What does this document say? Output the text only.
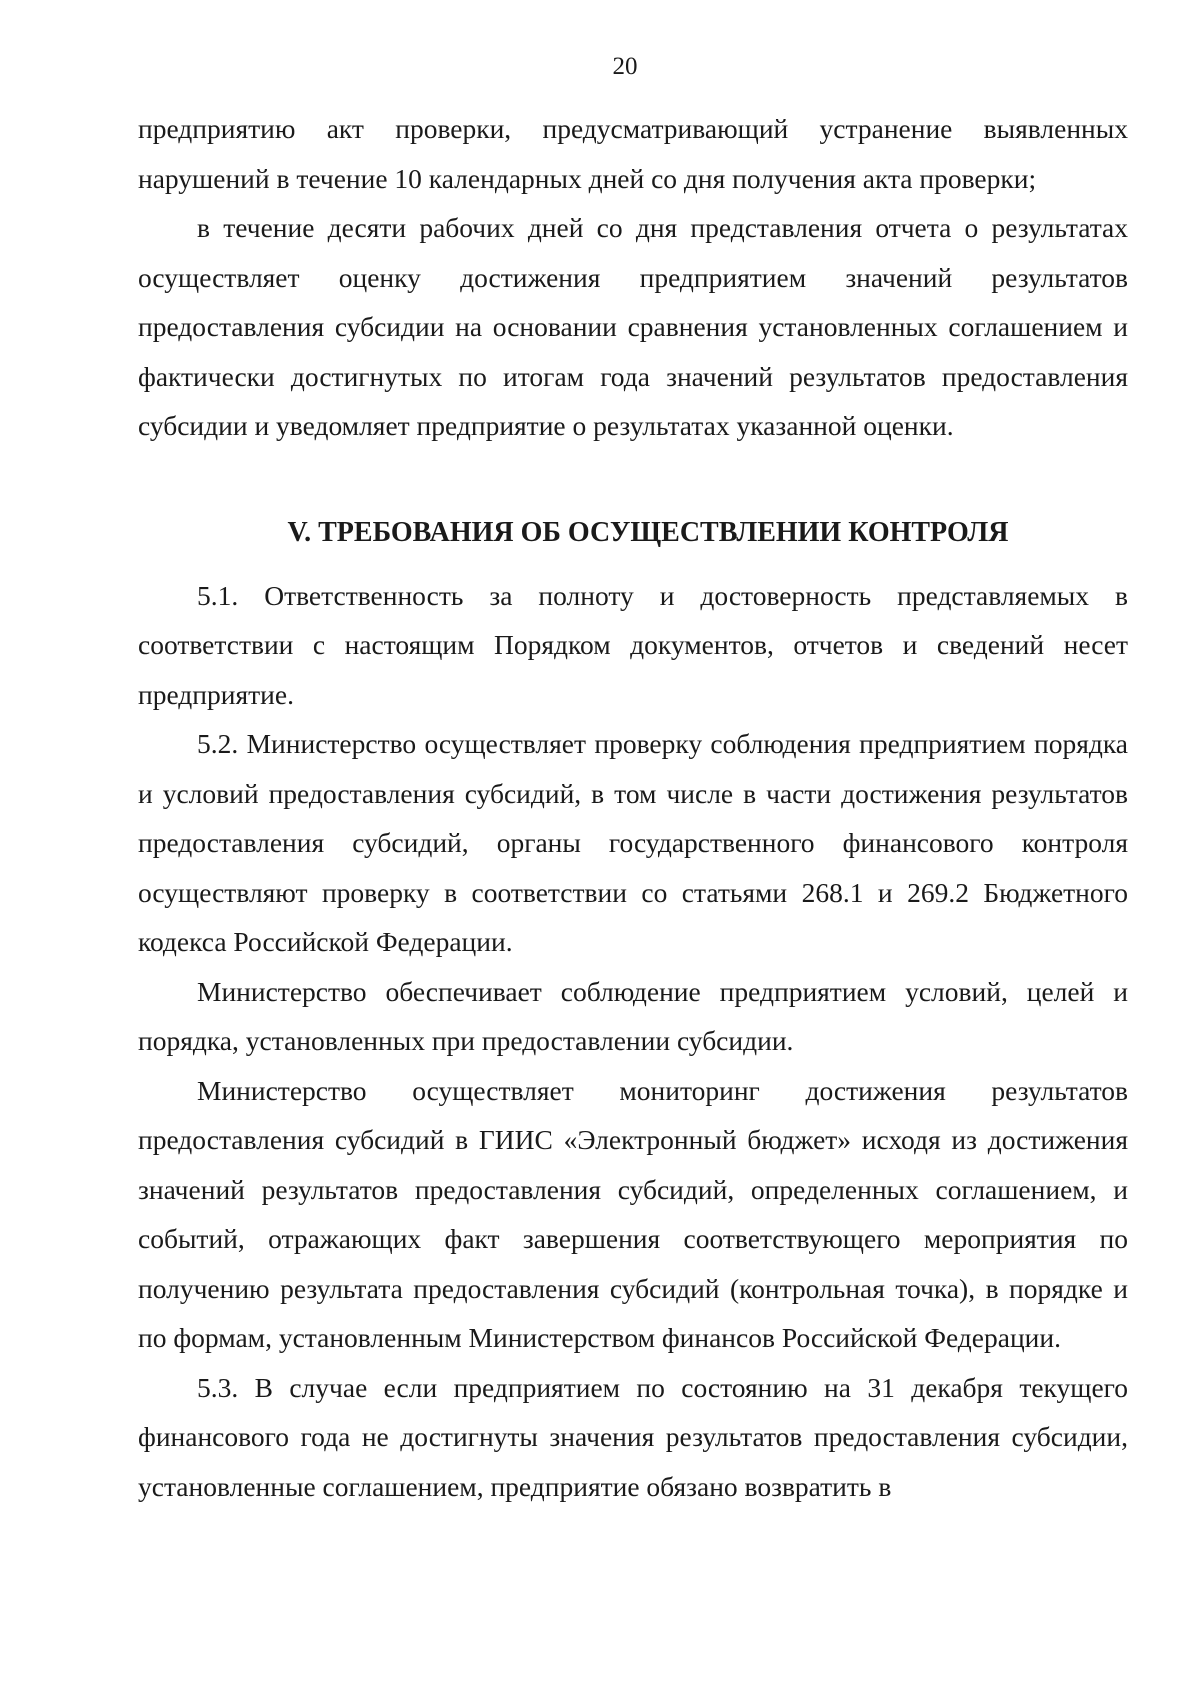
20

предприятию акт проверки, предусматривающий устранение выявленных нарушений в течение 10 календарных дней со дня получения акта проверки;

в течение десяти рабочих дней со дня представления отчета о результатах осуществляет оценку достижения предприятием значений результатов предоставления субсидии на основании сравнения установленных соглашением и фактически достигнутых по итогам года значений результатов предоставления субсидии и уведомляет предприятие о результатах указанной оценки.

V. ТРЕБОВАНИЯ ОБ ОСУЩЕСТВЛЕНИИ КОНТРОЛЯ

5.1. Ответственность за полноту и достоверность представляемых в соответствии с настоящим Порядком документов, отчетов и сведений несет предприятие.

5.2. Министерство осуществляет проверку соблюдения предприятием порядка и условий предоставления субсидий, в том числе в части достижения результатов предоставления субсидий, органы государственного финансового контроля осуществляют проверку в соответствии со статьями 268.1 и 269.2 Бюджетного кодекса Российской Федерации.

Министерство обеспечивает соблюдение предприятием условий, целей и порядка, установленных при предоставлении субсидии.

Министерство осуществляет мониторинг достижения результатов предоставления субсидий в ГИИС «Электронный бюджет» исходя из достижения значений результатов предоставления субсидий, определенных соглашением, и событий, отражающих факт завершения соответствующего мероприятия по получению результата предоставления субсидий (контрольная точка), в порядке и по формам, установленным Министерством финансов Российской Федерации.

5.3. В случае если предприятием по состоянию на 31 декабря текущего финансового года не достигнуты значения результатов предоставления субсидии, установленные соглашением, предприятие обязано возвратить в
